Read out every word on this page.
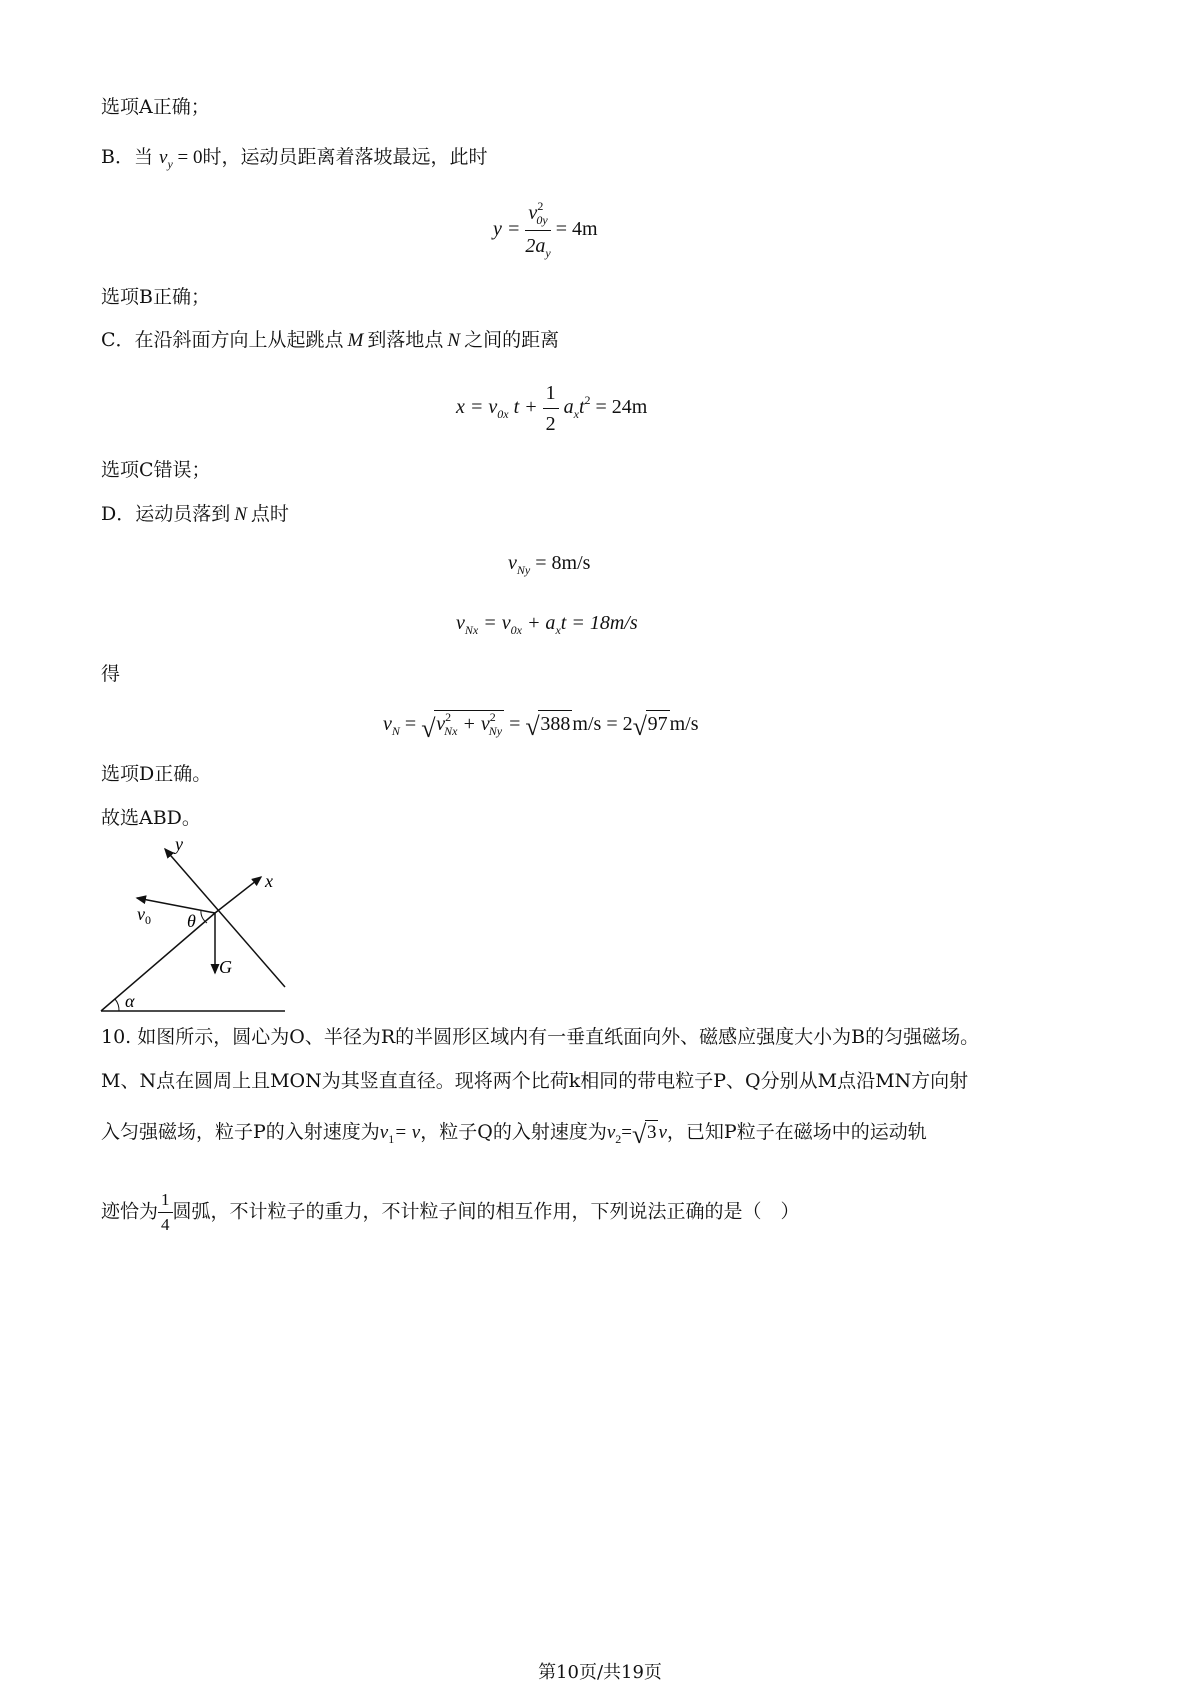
选项A正确；
B．当 $v_y = 0$时，运动员距离着落坡最远，此时
$y = \frac{v^2_{0y}}{2a_y} = 4m$
选项B正确；
C．在沿斜面方向上从起跳点 M 到落地点 N 之间的距离
$x = v_{0x}$ $t + \frac{1}{2} a_xt^2 = 24m$
选项C错误；
D．运动员落到 N 点时
$v_{Ny} = 8m/s$
$v_{Nx} = v_{0x} + a_xt = 18m/s$
得
$v_N$ = √ $v^2_{Nx} + v^2_{Ny}$ = √ 388 m/s = 2 √ 97 m/s
选项D正确。
故选ABD。
y
x
$v_0$ θ
G
α
10. 如图所示，圆心为O、半径为R的半圆形区域内有一垂直纸面向外、磁感应强度大小为B的匀强磁场。
M、N点在圆周上且MON为其竖直直径。现将两个比荷k相同的带电粒子P、Q分别从M点沿MN方向射
入匀强磁场，粒子P的入射速度为$v_1= v$，粒子Q的入射速度为$v_2=$ √ 3 v，已知P粒子在磁场中的运动轨
迹恰为 $\frac{1}{4}$ 圆弧，不计粒子的重力，不计粒子间的相互作用，下列说法正确的是（　）
第10页/共19页
